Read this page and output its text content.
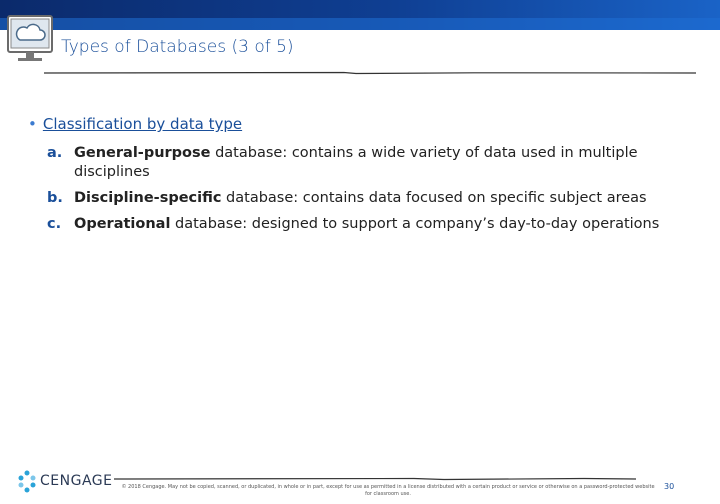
Types of Databases (3 of 5)
• Classification by data type
a. General-purpose database: contains a wide variety of data used in multiple disciplines
b. Discipline-specific database: contains data focused on specific subject areas
c. Operational database: designed to support a company’s day-to-day operations
CENGAGE © 2018 Cengage. May not be copied, scanned, or duplicated, in whole or in part, except for use as permitted in a license distributed with a certain product or service or otherwise on a password-protected website for classroom use.
30
